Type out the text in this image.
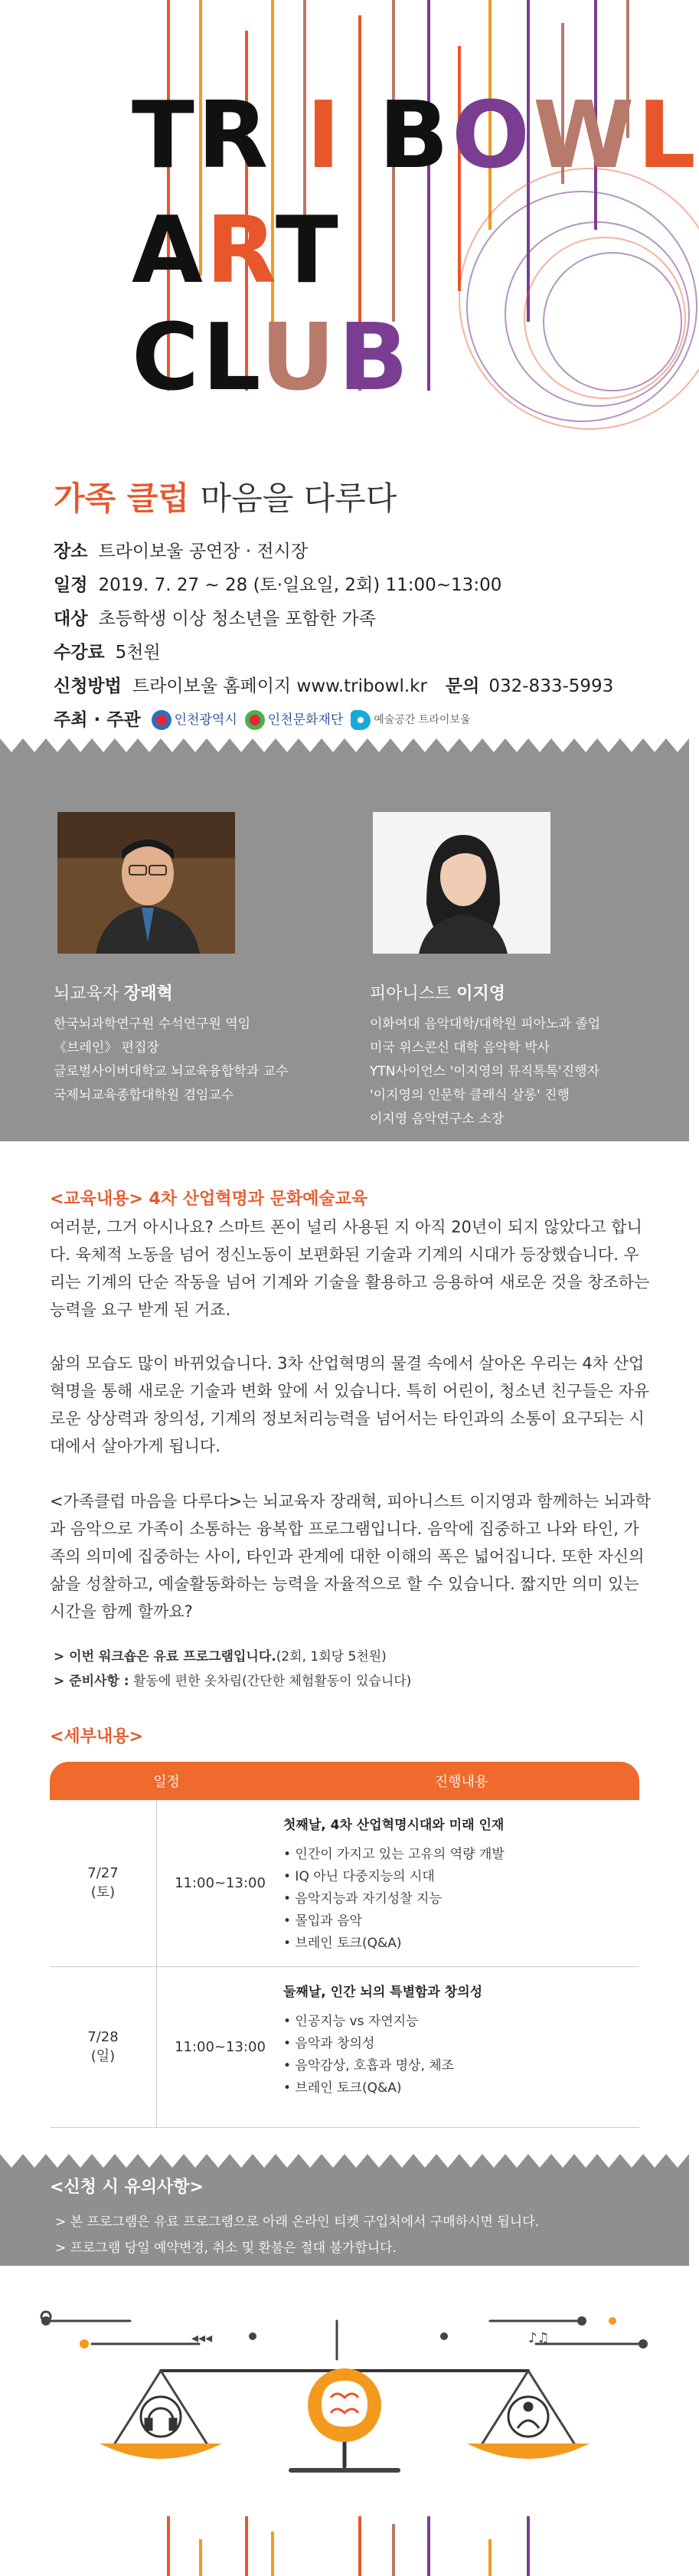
TR I BOWL
ART
CLUB
가족 클럽 마음을 다루다
장소 트라이보울 공연장 · 전시장
일정 2019. 7. 27 ~ 28 (토·일요일, 2회) 11:00~13:00
대상 초등학생 이상 청소년을 포함한 가족
수강료 5천원
신청방법 트라이보울 홈페이지 www.tribowl.kr 문의 032-833-5993
주최 · 주관	인천광역시 인천문화재단	예술공간 트라이보울
뇌교육자 장래혁
한국뇌과학연구원 수석연구원 역임
《브레인》 편집장
글로벌사이버대학교 뇌교육융합학과 교수
국제뇌교육종합대학원 겸임교수
피아니스트 이지영
이화여대 음악대학/대학원 피아노과 졸업
미국 위스콘신 대학 음악학 박사
YTN사이언스 '이지영의 뮤직톡톡'진행자
'이지영의 인문학 클래식 살롱' 진행
이지영 음악연구소 소장
<교육내용> 4차 산업혁명과 문화예술교육
여러분, 그거 아시나요? 스마트 폰이 널리 사용된 지 아직 20년이 되지 않았다고 합니다. 육체적 노동을 넘어 정신노동이 보편화된 기술과 기계의 시대가 등장했습니다. 우리는 기계의 단순 작동을 넘어 기계와 기술을 활용하고 응용하여 새로운 것을 창조하는 능력을 요구 받게 된 거죠.
삶의 모습도 많이 바뀌었습니다. 3차 산업혁명의 물결 속에서 살아온 우리는 4차 산업혁명을 통해 새로운 기술과 변화 앞에 서 있습니다. 특히 어린이, 청소년 친구들은 자유로운 상상력과 창의성, 기계의 정보처리능력을 넘어서는 타인과의 소통이 요구되는 시대에서 살아가게 됩니다.
<가족클럽 마음을 다루다>는 뇌교육자 장래혁, 피아니스트 이지영과 함께하는 뇌과학과 음악으로 가족이 소통하는 융복합 프로그램입니다. 음악에 집중하고 나와 타인, 가족의 의미에 집중하는 사이, 타인과 관계에 대한 이해의 폭은 넓어집니다. 또한 자신의 삶을 성찰하고, 예술활동화하는 능력을 자율적으로 할 수 있습니다. 짧지만 의미 있는 시간을 함께 할까요?
> 이번 워크숍은 유료 프로그램입니다.(2회, 1회당 5천원)
> 준비사항 : 활동에 편한 옷차림(간단한 체험활동이 있습니다)
<세부내용>
일정	진행내용
7/27
(토)
11:00~13:00
첫째날, 4차 산업혁명시대와 미래 인재
• 인간이 가지고 있는 고유의 역량 개발
• IQ 아닌 다중지능의 시대
• 음악지능과 자기성찰 지능
• 몰입과 음악
• 브레인 토크(Q&A)
7/28
(일)
11:00~13:00
둘째날, 인간 뇌의 특별함과 창의성
• 인공지능 vs 자연지능
• 음악과 창의성
• 음악감상, 호흡과 명상, 체조
• 브레인 토크(Q&A)
<신청 시 유의사항>
> 본 프로그램은 유료 프로그램으로 아래 온라인 티켓 구입처에서 구매하시면 됩니다.
> 프로그램 당일 예약변경, 취소 및 환불은 절대 불가합니다.
♪♫
◂◂◂
